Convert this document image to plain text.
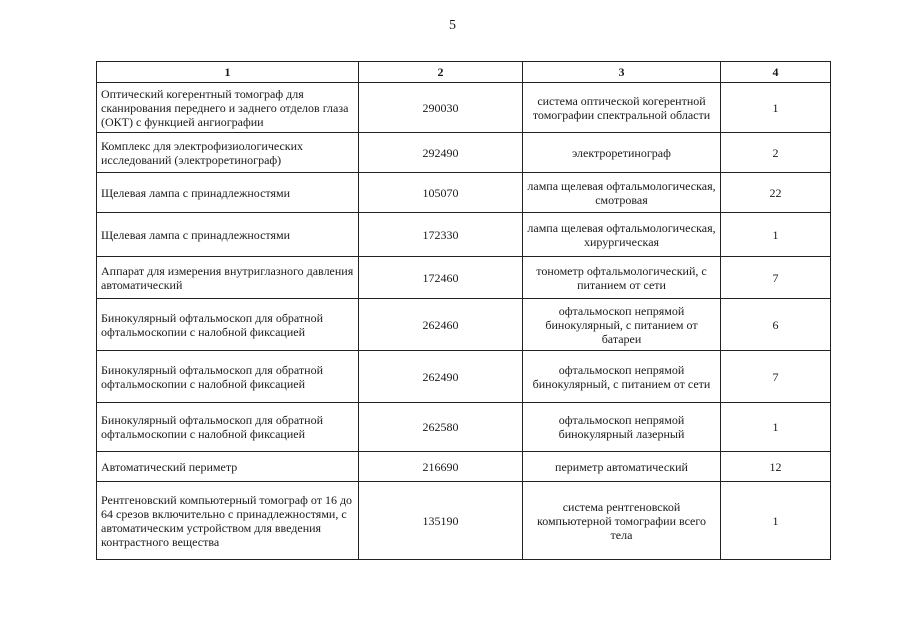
5
1	2	3	4
Оптический когерентный томограф для сканирования переднего и заднего отделов глаза (ОКТ) с функцией ангиографии	290030	система оптической когерентной томографии спектральной области	1
Комплекс для электрофизиологических исследований (электроретинограф)	292490	электроретинограф	2
Щелевая лампа с принадлежностями	105070	лампа щелевая офтальмологическая, смотровая	22
Щелевая лампа с принадлежностями	172330	лампа щелевая офтальмологическая, хирургическая	1
Аппарат для измерения внутриглазного давления автоматический	172460	тонометр офтальмологический, с питанием от сети	7
Бинокулярный офтальмоскоп для обратной офтальмоскопии с налобной фиксацией	262460	офтальмоскоп непрямой бинокулярный, с питанием от батареи	6
Бинокулярный офтальмоскоп для обратной офтальмоскопии с налобной фиксацией	262490	офтальмоскоп непрямой бинокулярный, с питанием от сети	7
Бинокулярный офтальмоскоп для обратной офтальмоскопии с налобной фиксацией	262580	офтальмоскоп непрямой бинокулярный лазерный	1
Автоматический периметр	216690	периметр автоматический	12
Рентгеновский компьютерный томограф от 16 до 64 срезов включительно с принадлежностями, с автоматическим устройством для введения контрастного вещества	135190	система рентгеновской компьютерной томографии всего тела	1
